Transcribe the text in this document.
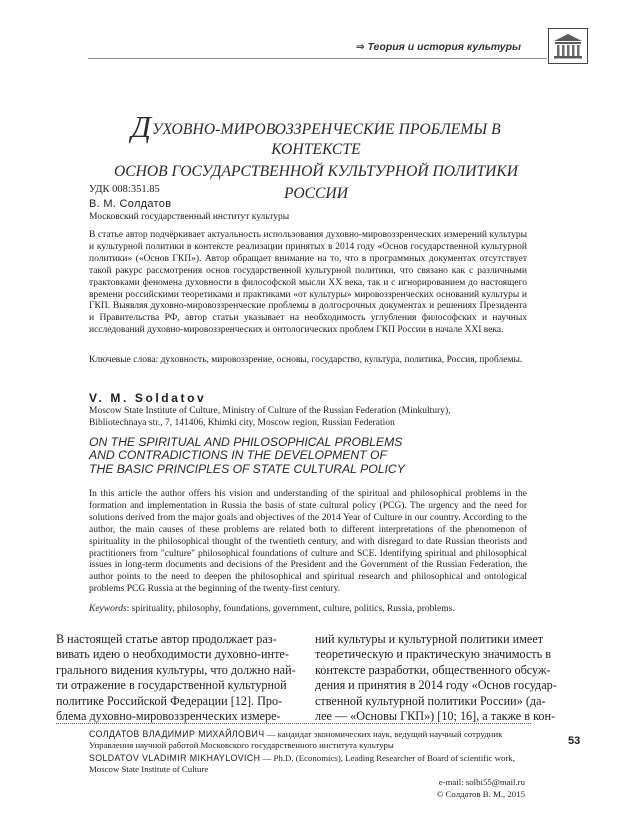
⇒ Теория и история культуры
ДУХОВНО-МИРОВОЗЗРЕНЧЕСКИЕ ПРОБЛЕМЫ В КОНТЕКСТЕ
ОСНОВ ГОСУДАРСТВЕННОЙ КУЛЬТУРНОЙ ПОЛИТИКИ РОССИИ
УДК 008:351.85
В. М. Солдатов
Московский государственный институт культуры
В статье автор подчёркивает актуальность использования духовно-мировоззренческих измерений культуры и культурной политики в контексте реализации принятых в 2014 году «Основ государственной культурной политики» («Основ ГКП»). Автор обращает внимание на то, что в программных документах отсутствует такой ракурс рассмотрения основ государственной культурной политики, что связано как с различными трактовками феномена духовности в философской мысли XX века, так и с игнорированием до настоящего времени российскими теоретиками и практиками «от культуры» мировоззренческих оснований культуры и ГКП. Выявляя духовно-мировоззренческие проблемы в долгосрочных документах и решениях Президента и Правительства РФ, автор статьи указывает на необходимость углубления философских и научных исследований духовно-мировоззренческих и онтологических проблем ГКП России в начале XXI века.
Ключевые слова: духовность, мировоззрение, основы, государство, культура, политика, Россия, проблемы.
V. M. Soldatov
Moscow State Institute of Culture, Ministry of Culture of the Russian Federation (Minkultury),
Bibliotechnaya str., 7, 141406, Khimki city, Moscow region, Russian Federation
ON THE SPIRITUAL AND PHILOSOPHICAL PROBLEMS
AND CONTRADICTIONS IN THE DEVELOPMENT OF
THE BASIC PRINCIPLES OF STATE CULTURAL POLICY
In this article the author offers his vision and understanding of the spiritual and philosophical problems in the formation and implementation in Russia the basis of state cultural policy (PCG). The urgency and the need for solutions derived from the major goals and objectives of the 2014 Year of Culture in our country. According to the author, the main causes of these problems are related both to different interpretations of the phenomenon of spirituality in the philosophical thought of the twentieth century, and with disregard to date Russian theorists and practitioners from "culture" philosophical foundations of culture and SCE. Identifying spiritual and philosophical issues in long-term documents and decisions of the President and the Government of the Russian Federation, the author points to the need to deepen the philosophical and spiritual research and philosophical and ontological problems PCG Russia at the beginning of the twenty-first century.
Keywords: spirituality, philosophy, foundations, government, culture, politics, Russia, problems.
В настоящей статье автор продолжает раз-
вивать идею о необходимости духовно-инте-
грального видения культуры, что должно най-
ти отражение в государственной культурной
политике Российской Федерации [12]. Про-
блема духовно-мировоззренческих измере-
ний культуры и культурной политики имеет
теоретическую и практическую значимость в
контексте разработки, общественного обсуж-
дения и принятия в 2014 году «Основ государ-
ственной культурной политики России» (да-
лее — «Основы ГКП») [10; 16], а также в кон-
СОЛДАТОВ ВЛАДИМИР МИХАЙЛОВИЧ — кандидат экономических наук, ведущий научный сотрудник Управления научной работой Московского государственного института культуры
SOLDATOV VLADIMIR MIKHAYLOVICH — Ph.D. (Economics), Leading Researcher of Board of scientific work, Moscow State Institute of Culture
53
e-mail: solbi55@mail.ru
© Солдатов В. М., 2015
